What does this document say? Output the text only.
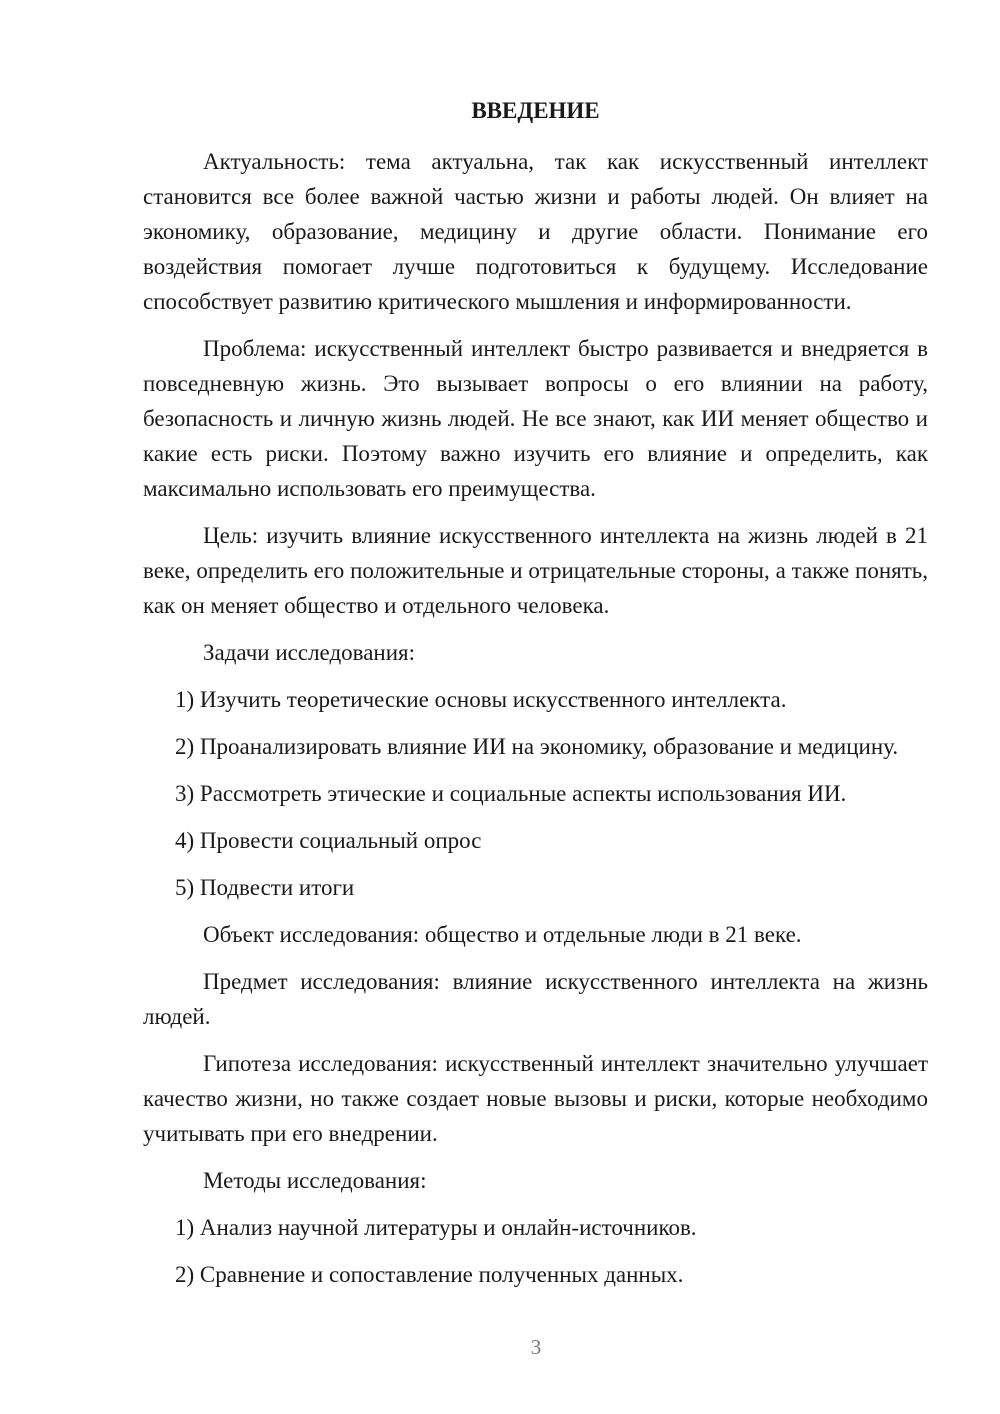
ВВЕДЕНИЕ

Актуальность: тема актуальна, так как искусственный интеллект становится все более важной частью жизни и работы людей. Он влияет на экономику, образование, медицину и другие области. Понимание его воздействия помогает лучше подготовиться к будущему. Исследование способствует развитию критического мышления и информированности.

Проблема: искусственный интеллект быстро развивается и внедряется в повседневную жизнь. Это вызывает вопросы о его влиянии на работу, безопасность и личную жизнь людей. Не все знают, как ИИ меняет общество и какие есть риски. Поэтому важно изучить его влияние и определить, как максимально использовать его преимущества.

Цель: изучить влияние искусственного интеллекта на жизнь людей в 21 веке, определить его положительные и отрицательные стороны, а также понять, как он меняет общество и отдельного человека.

Задачи исследования:

1) Изучить теоретические основы искусственного интеллекта.

2) Проанализировать влияние ИИ на экономику, образование и медицину.

3) Рассмотреть этические и социальные аспекты использования ИИ.

4) Провести социальный опрос

5) Подвести итоги

Объект исследования: общество и отдельные люди в 21 веке.

Предмет исследования: влияние искусственного интеллекта на жизнь людей.

Гипотеза исследования: искусственный интеллект значительно улучшает качество жизни, но также создает новые вызовы и риски, которые необходимо учитывать при его внедрении.

Методы исследования:

1) Анализ научной литературы и онлайн-источников.

2) Сравнение и сопоставление полученных данных.

3
